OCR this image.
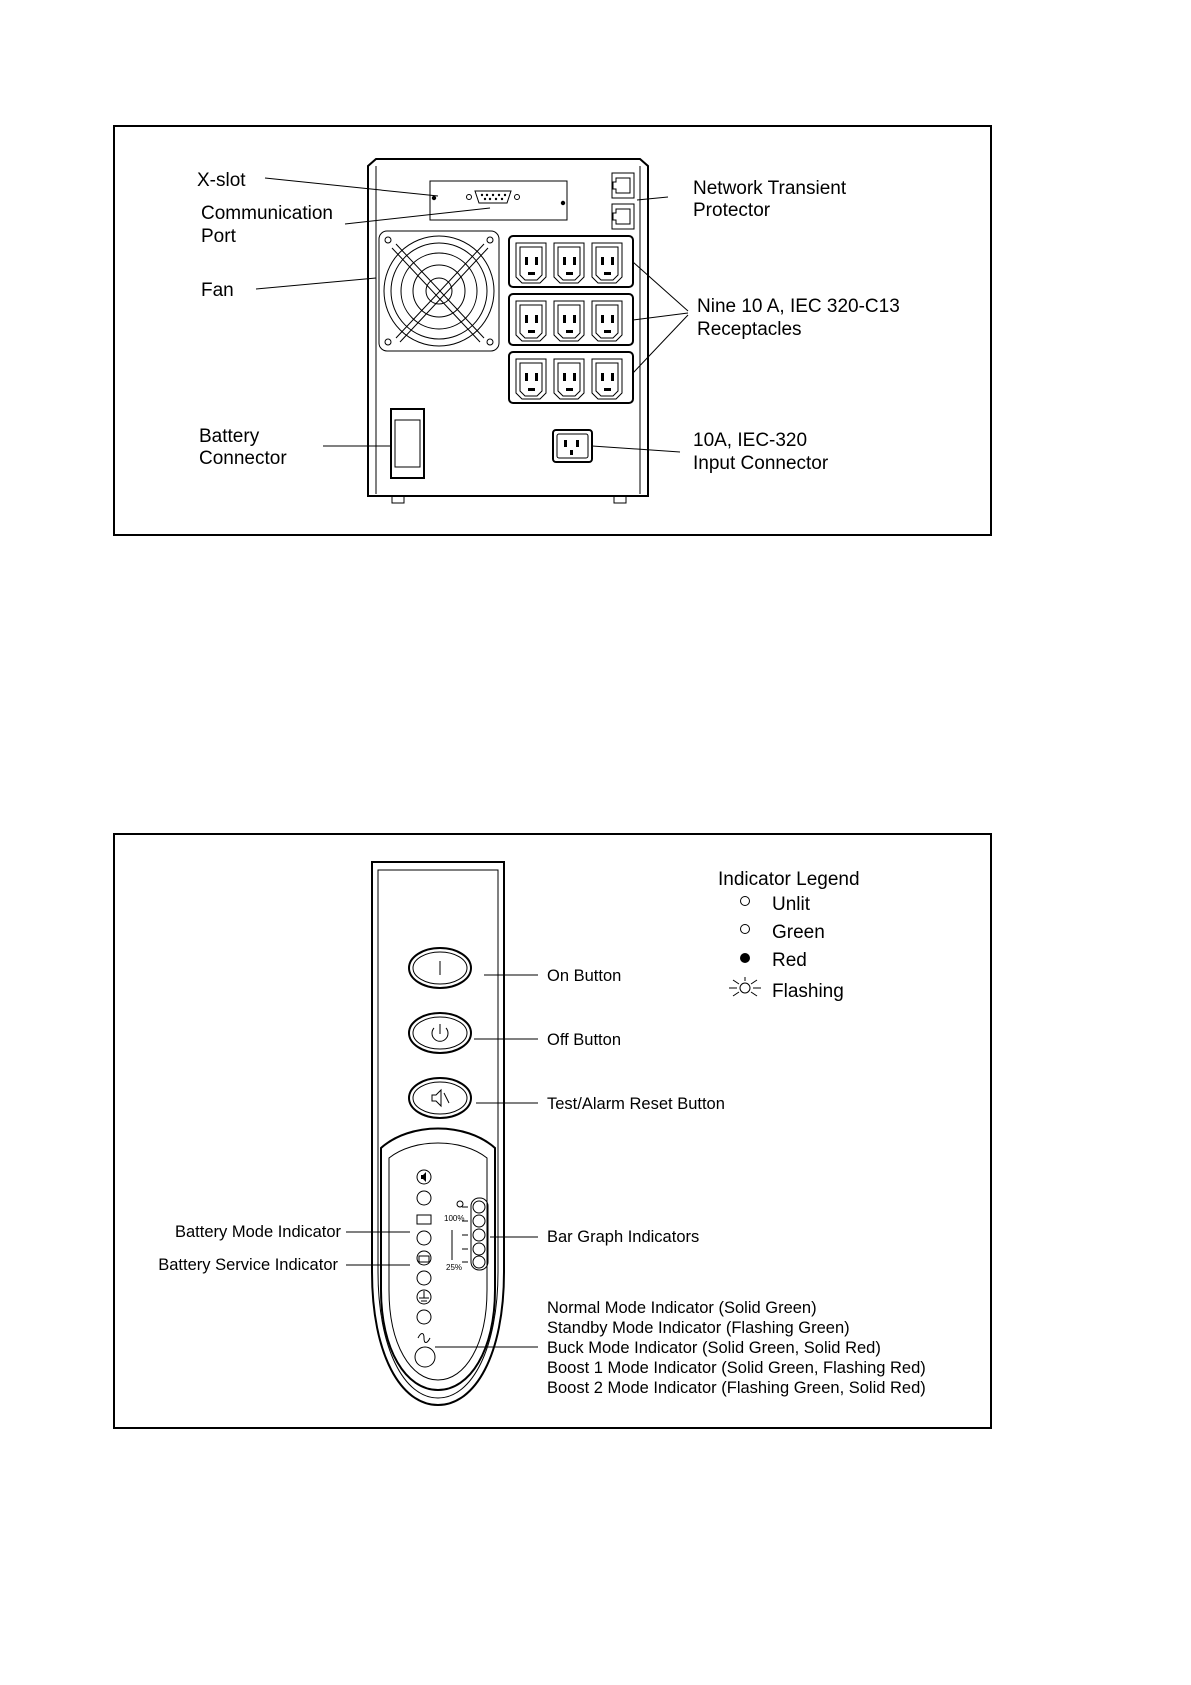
X-slot
Communication
Port
Fan
Battery
Connector
Network Transient
Protector
Nine 10 A, IEC 320-C13
Receptacles
10A, IEC-320
Input Connector
100%
25%
On Button
Off Button
Test/Alarm Reset Button
Battery Mode Indicator
Battery Service Indicator
Bar Graph Indicators
Normal Mode Indicator (Solid Green)
Standby Mode Indicator (Flashing Green)
Buck Mode Indicator (Solid Green, Solid Red)
Boost 1 Mode Indicator (Solid Green, Flashing Red)
Boost 2 Mode Indicator (Flashing Green, Solid Red)
Indicator Legend
Unlit
Green
Red
Flashing
